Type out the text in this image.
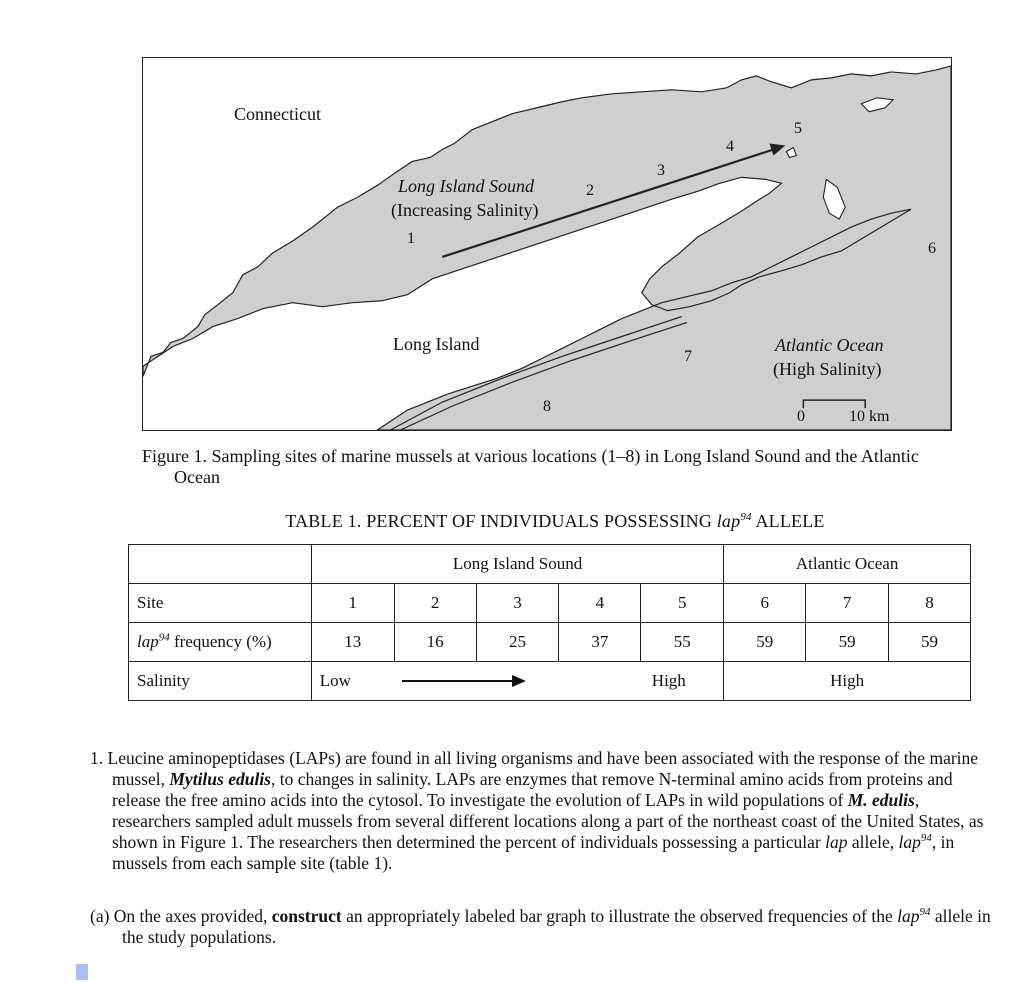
Connecticut
Long Island Sound
(Increasing Salinity)
Long Island	Atlantic Ocean
(High Salinity)
0	10 km
1
2
3
4
5
6
7
8
Figure 1. Sampling sites of marine mussels at various locations (1–8) in Long Island Sound and the Atlantic Ocean
TABLE 1. PERCENT OF INDIVIDUALS POSSESSING lap$^{94}$ ALLELE
	Long Island Sound					Atlantic Ocean		
Site	1	2	3	4	5	6	7	8
lap$^{94}$ frequency (%)	13	16	25	37	55	59	59	59
Salinity	Low High					High		
1. Leucine aminopeptidases (LAPs) are found in all living organisms and have been associated with the response of the marine mussel, Mytilus edulis, to changes in salinity. LAPs are enzymes that remove N-terminal amino acids from proteins and release the free amino acids into the cytosol. To investigate the evolution of LAPs in wild populations of M. edulis, researchers sampled adult mussels from several different locations along a part of the northeast coast of the United States, as shown in Figure 1. The researchers then determined the percent of individuals possessing a particular lap allele, lap$^{94}$, in mussels from each sample site (table 1).
(a) On the axes provided, construct an appropriately labeled bar graph to illustrate the observed frequencies of the lap$^{94}$ allele in the study populations.
